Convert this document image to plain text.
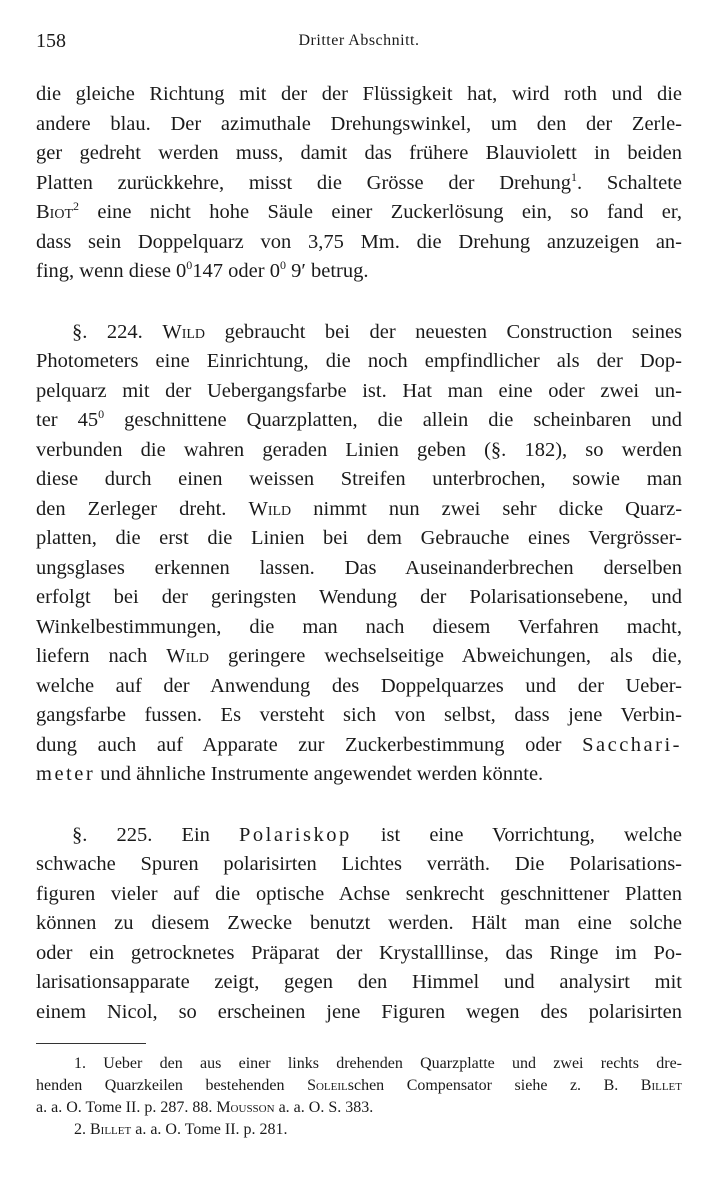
158	Dritter Abschnitt.
die gleiche Richtung mit der der Flüssigkeit hat, wird roth und die
andere blau. Der azimuthale Drehungswinkel, um den der Zerle-
ger gedreht werden muss, damit das frühere Blauviolett in beiden
Platten zurückkehre, misst die Grösse der Drehung$^1$. Schaltete
Biot$^2$ eine nicht hohe Säule einer Zuckerlösung ein, so fand er,
dass sein Doppelquarz von 3,75 Mm. die Drehung anzuzeigen an-
fing, wenn diese $0^0147$ oder $0^0$ 9′ betrug.
§. 224. Wild gebraucht bei der neuesten Construction seines
Photometers eine Einrichtung, die noch empfindlicher als der Dop-
pelquarz mit der Uebergangsfarbe ist. Hat man eine oder zwei un-
ter $45^0$ geschnittene Quarzplatten, die allein die scheinbaren und
verbunden die wahren geraden Linien geben (§. 182), so werden
diese durch einen weissen Streifen unterbrochen, sowie man
den Zerleger dreht. Wild nimmt nun zwei sehr dicke Quarz-
platten, die erst die Linien bei dem Gebrauche eines Vergrösser-
ungsglases erkennen lassen. Das Auseinanderbrechen derselben
erfolgt bei der geringsten Wendung der Polarisationsebene, und
Winkelbestimmungen, die man nach diesem Verfahren macht,
liefern nach Wild geringere wechselseitige Abweichungen, als die,
welche auf der Anwendung des Doppelquarzes und der Ueber-
gangsfarbe fussen. Es versteht sich von selbst, dass jene Verbin-
dung auch auf Apparate zur Zuckerbestimmung oder Sacchari-
meter und ähnliche Instrumente angewendet werden könnte.
§. 225. Ein Polariskop ist eine Vorrichtung, welche
schwache Spuren polarisirten Lichtes verräth. Die Polarisations-
figuren vieler auf die optische Achse senkrecht geschnittener Platten
können zu diesem Zwecke benutzt werden. Hält man eine solche
oder ein getrocknetes Präparat der Krystalllinse, das Ringe im Po-
larisationsapparate zeigt, gegen den Himmel und analysirt mit
einem Nicol, so erscheinen jene Figuren wegen des polarisirten
1. Ueber den aus einer links drehenden Quarzplatte und zwei rechts dre-
henden Quarzkeilen bestehenden Soleilschen Compensator siehe z. B. Billet
a. a. O. Tome II. p. 287. 88. Mousson a. a. O. S. 383.
2. Billet a. a. O. Tome II. p. 281.
